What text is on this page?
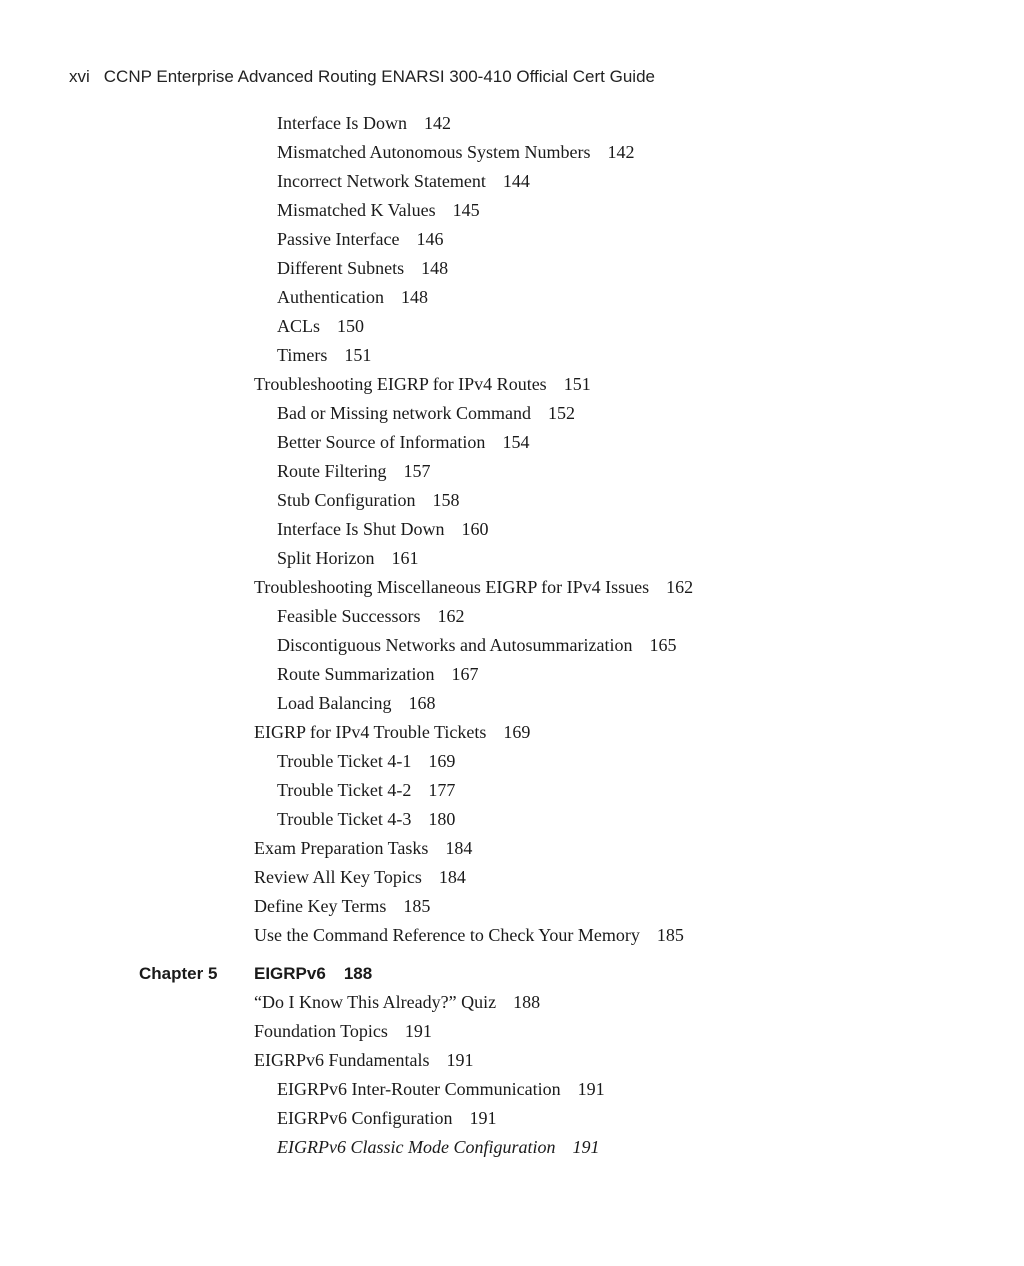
xvi CCNP Enterprise Advanced Routing ENARSI 300-410 Official Cert Guide
Interface Is Down 142
Mismatched Autonomous System Numbers 142
Incorrect Network Statement 144
Mismatched K Values 145
Passive Interface 146
Different Subnets 148
Authentication 148
ACLs 150
Timers 151
Troubleshooting EIGRP for IPv4 Routes 151
Bad or Missing network Command 152
Better Source of Information 154
Route Filtering 157
Stub Configuration 158
Interface Is Shut Down 160
Split Horizon 161
Troubleshooting Miscellaneous EIGRP for IPv4 Issues 162
Feasible Successors 162
Discontiguous Networks and Autosummarization 165
Route Summarization 167
Load Balancing 168
EIGRP for IPv4 Trouble Tickets 169
Trouble Ticket 4-1 169
Trouble Ticket 4-2 177
Trouble Ticket 4-3 180
Exam Preparation Tasks 184
Review All Key Topics 184
Define Key Terms 185
Use the Command Reference to Check Your Memory 185
Chapter 5 EIGRPv6 188
“Do I Know This Already?” Quiz 188
Foundation Topics 191
EIGRPv6 Fundamentals 191
EIGRPv6 Inter-Router Communication 191
EIGRPv6 Configuration 191
EIGRPv6 Classic Mode Configuration 191
